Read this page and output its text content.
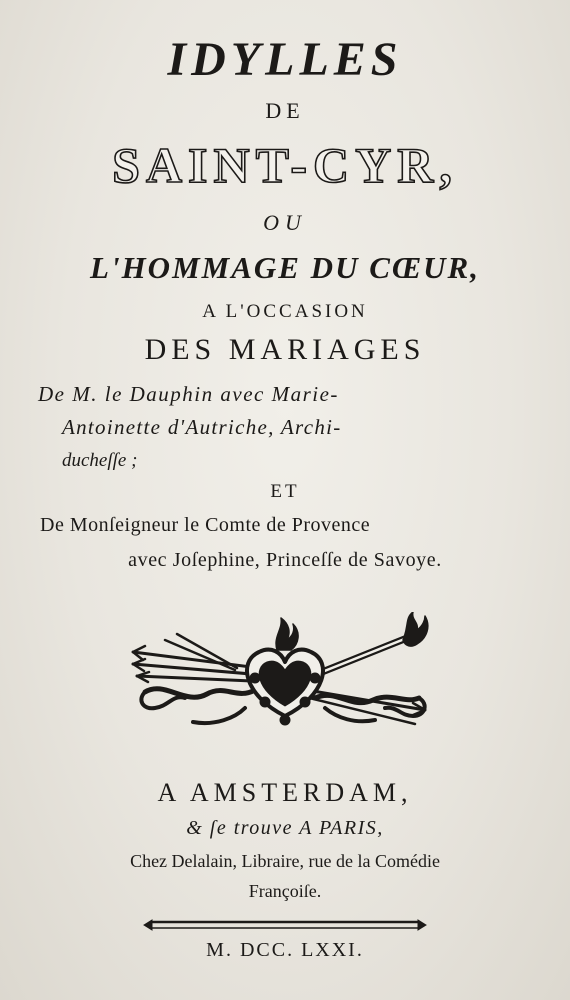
IDYLLES
DE
SAINT-CYR,
OU
L'HOMMAGE DU CŒUR,
A L'OCCASION
DES MARIAGES
De M. le Dauphin avec Marie-
Antoinette d'Autriche, Archi-
ducheſſe ;
ET
De Monſeigneur le Comte de Provence
avec Joſephine, Princeſſe de Savoye.
A AMSTERDAM,
& ſe trouve A PARIS,
Chez Delalain, Libraire, rue de la Comédie
Françoiſe.
M. DCC. LXXI.
